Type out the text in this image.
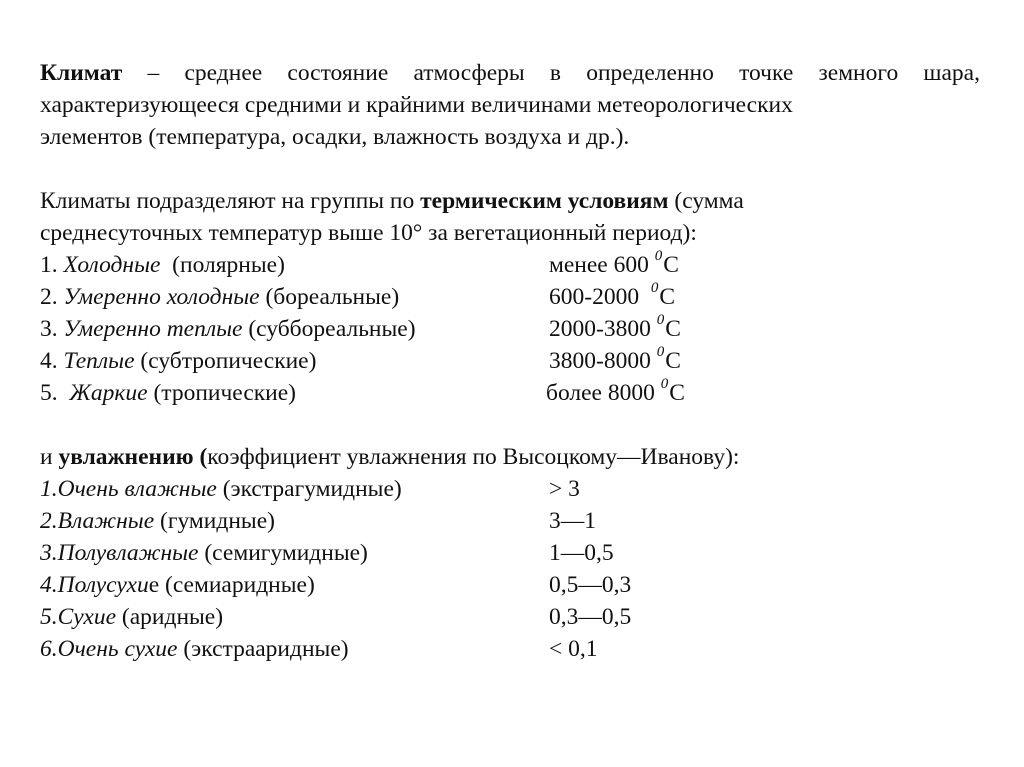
Климат – среднее состояние атмосферы в определенно точке земного шара, характеризующееся средними и крайними величинами метеорологических

элементов (температура, осадки, влажность воздуха и др.).

Климаты подразделяют на группы по термическим условиям (сумма

среднесуточных температур выше 10° за вегетационный период):

1. Холодные  (полярные)	менее 600 $^0$С
2. Умеренно холодные (бореальные)	600-2000  $^0$С
3. Умеренно теплые (суббореальные)	2000-3800 $^0$С
4. Теплые (субтропические)	3800-8000 $^0$С
5.  Жаркие (тропические)	более 8000 $^0$С

и увлажнению (коэффициент увлажнения по Высоцкому—Иванову):

1.Очень влажные (экстрагумидные)	> 3
2.Влажные (гумидные)	3—1
3.Полувлажные (семигумидные)	1—0,5
4.Полусухие (семиаридные)	0,5—0,3
5.Сухие (аридные)	0,3—0,5
6.Очень сухие (экстрааридные)	< 0,1
